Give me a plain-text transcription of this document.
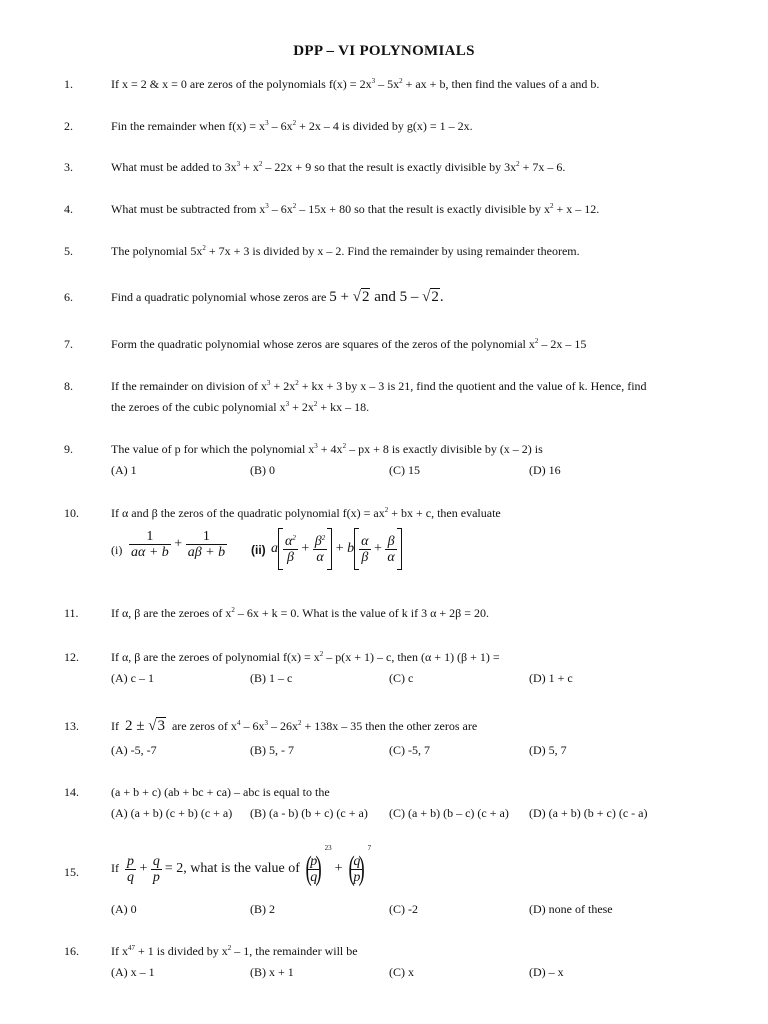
DPP – VI POLYNOMIALS
1.	If x = 2 & x = 0 are zeros of the polynomials $f(x) = 2x^3 - 5x^2$ + ax + b, then find the values of a and b.
2.	Fin the remainder when $f(x) = x^3 - 6x^2 + 2x - 4$ is divided by g(x) = 1 – 2x.
3.	What must be added to $3x^3 + x^2 - 22x + 9$ so that the result is exactly divisible by $3x^2 + 7x - 6$.
4.	What must be subtracted from $x^3 - 6x^2 - 15x + 80$ so that the result is exactly divisible by $x^2 + x - 12$.
5.	The polynomial $5x^2 + 7x + 3$ is divided by x – 2. Find the remainder by using remainder theorem.
6.	Find a quadratic polynomial whose zeros are 5 + √2 and 5 – √2.
7.	Form the quadratic polynomial whose zeros are squares of the zeros of the polynomial $x^2 - 2x - 15$
8.	If the remainder on division of $x^3 + 2x^2$ + kx + 3 by x – 3 is 21, find the quotient and the value of k. Hence, find
the zeroes of the cubic polynomial $x^3 + 2x^2$ + kx – 18.
9.	The value of p for which the polynomial $x^3 + 4x^2$ – px + 8 is exactly divisible by (x – 2) is
(A) 1	(B) 0	(C) 15	(D) 16
10.	If α and β the zeros of the quadratic polynomial $f(x) = ax^2$ + bx + c, then evaluate
$(i) \frac{1}{a\alpha + b} + \frac{1}{a\beta + b} (ii)$ a $\frac{\alpha^2}{\beta} + \frac{\beta^2}{\alpha} + b \frac{\alpha}{\beta} + \frac{\beta}{\alpha}$
11.	If α, β are the zeroes of $x^2 - 6x + k = 0$. What is the value of k if 3 α + 2β = 20.
12.	If α, β are the zeroes of polynomial $f(x) = x^2 - p(x + 1) - c$, then (α + 1) (β + 1) =
(A) c – 1	(B) 1 – c	(C) c	(D) 1 + c
13.	If 2 ± √3  are zeros of $x^4 - 6x^3 - 26x^2 + 138x - 35$ then the other zeros are
(A) -5, -7	(B) 5, - 7	(C) -5, 7	(D) 5, 7
14.	(a + b + c) (ab + bc + ca) – abc is equal to the
(A) (a + b) (c + b) (c + a) (B) (a - b) (b + c) (c + a) (C) (a + b) (b – c) (c + a) (D) (a + b) (b + c) (c - a)
15.	If $\frac{p}{q} + \frac{q}{p} = 2$, what is the value of (
$\frac{p}{q}$
)$^{23}$ + (
$\frac{q}{p}$
)$^7$
(A) 0	(B) 2	(C) -2	(D) none of these
16.	If $x^{47} + 1$ is divided by $x^2 - 1$, the remainder will be
(A) x – 1	(B) x + 1	(C) x	(D) – x
